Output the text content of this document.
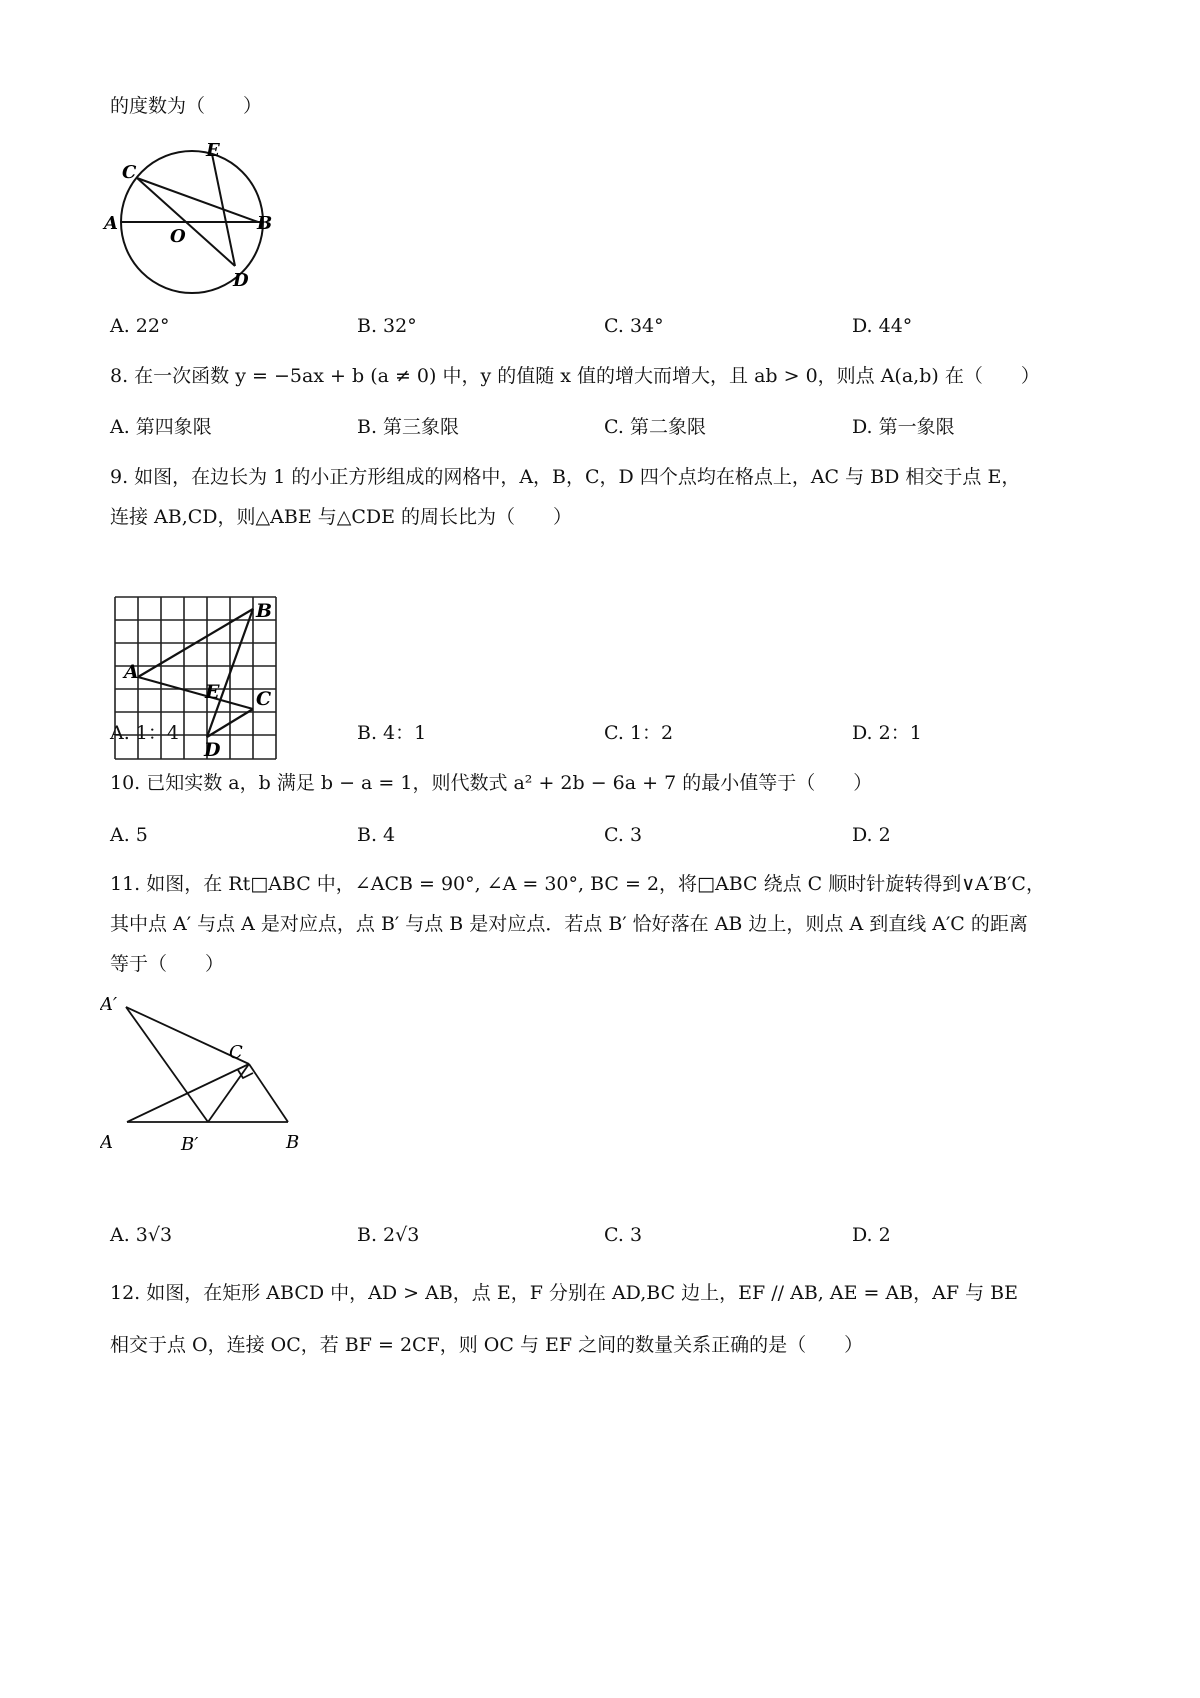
的度数为（　　）
C
E
A
O
B
D
A. 22°	B. 32°	C. 34°	D. 44°
8. 在一次函数 y = −5ax + b (a ≠ 0) 中，y 的值随 x 值的增大而增大，且 ab > 0，则点 A(a,b) 在（　　）
A. 第四象限	B. 第三象限	C. 第二象限	D. 第一象限
9. 如图，在边长为 1 的小正方形组成的网格中，A，B，C，D 四个点均在格点上，AC 与 BD 相交于点 E，
连接 AB,CD，则△ABE 与△CDE 的周长比为（　　）
B
A
E C
D
A. 1：4	B. 4：1	C. 1：2	D. 2：1
10. 已知实数 a，b 满足 b − a = 1，则代数式 a² + 2b − 6a + 7 的最小值等于（　　）
A. 5	B. 4	C. 3	D. 2
11. 如图，在 Rt□ABC 中，∠ACB = 90°, ∠A = 30°, BC = 2，将□ABC 绕点 C 顺时针旋转得到∨A′B′C，
其中点 A′ 与点 A 是对应点，点 B′ 与点 B 是对应点．若点 B′ 恰好落在 AB 边上，则点 A 到直线 A′C 的距离
等于（　　）
A′
C
A	B′	B
A. 3√3	B. 2√3	C. 3	D. 2
12. 如图，在矩形 ABCD 中，AD > AB，点 E，F 分别在 AD,BC 边上，EF // AB, AE = AB，AF 与 BE
相交于点 O，连接 OC，若 BF = 2CF，则 OC 与 EF 之间的数量关系正确的是（　　）
